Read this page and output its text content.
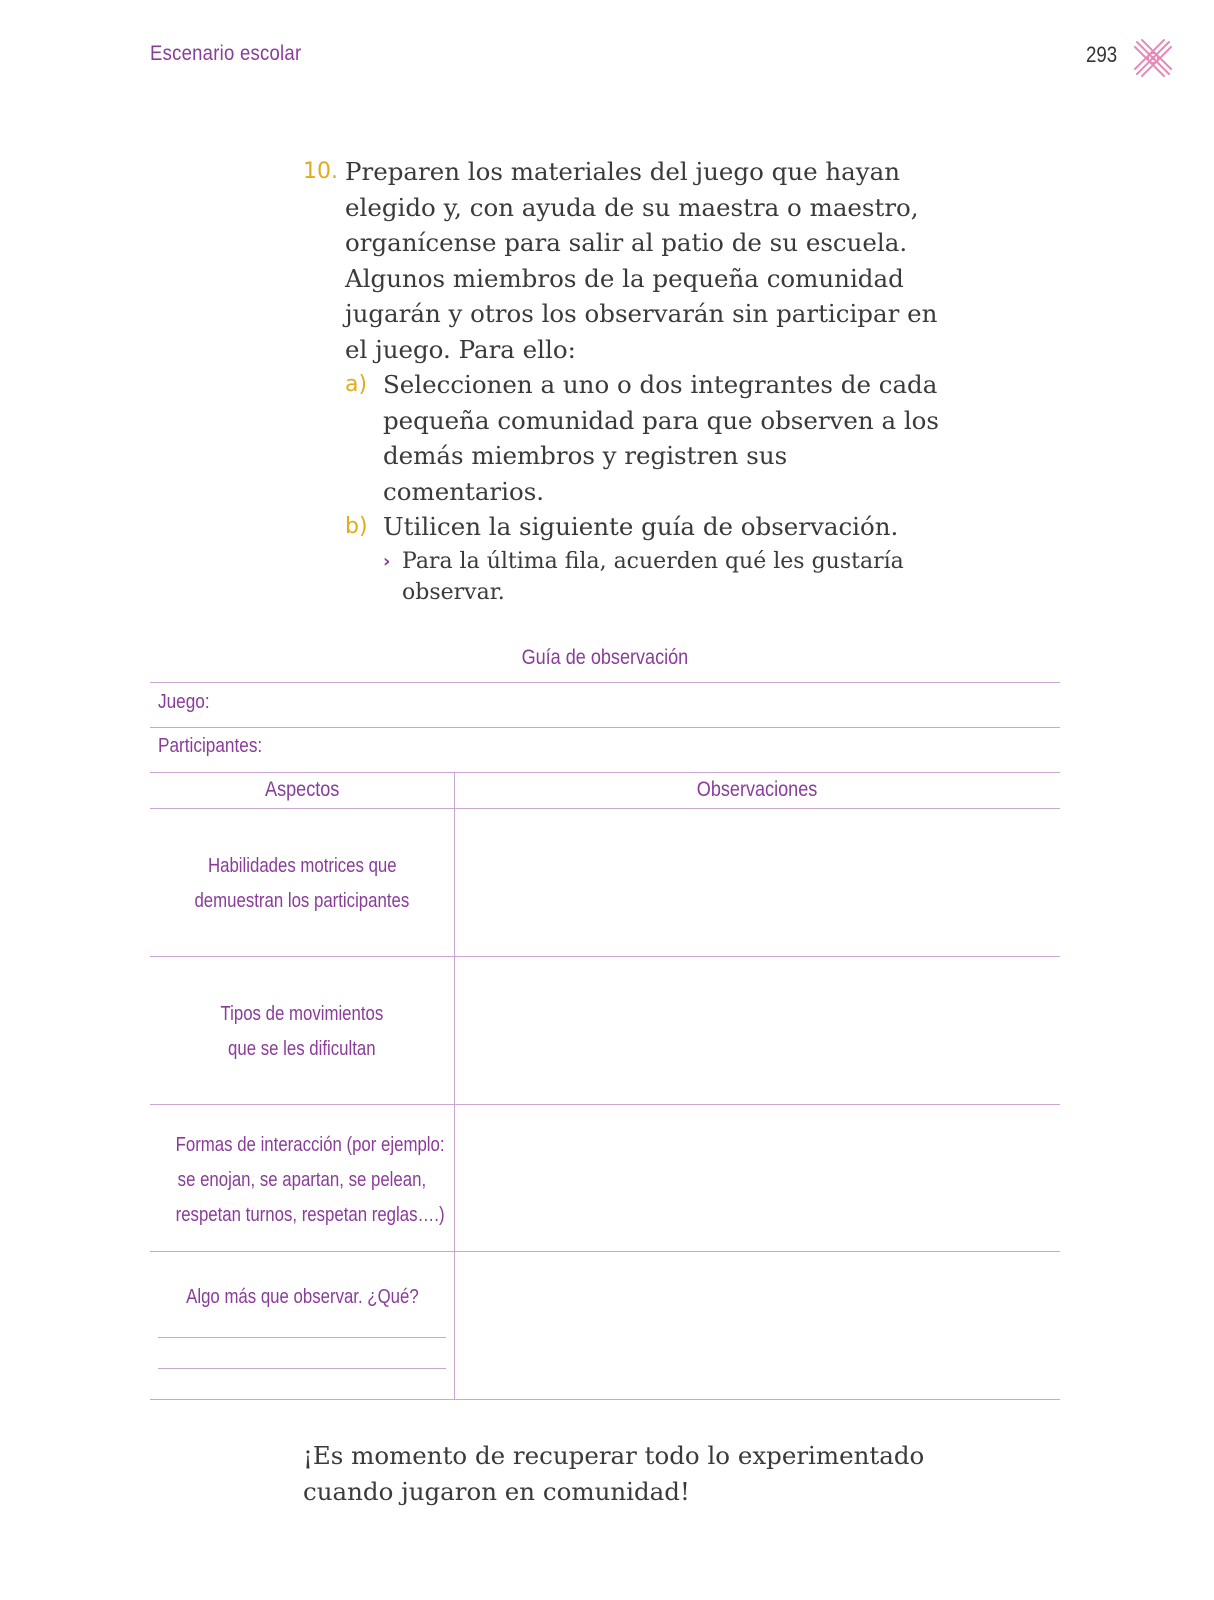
Escenario escolar	293
10. Preparen los materiales del juego que hayan elegido y, con ayuda de su maestra o maestro, organícense para salir al patio de su escuela. Algunos miembros de la pequeña comunidad jugarán y otros los observarán sin participar en el juego. Para ello:
a) Seleccionen a uno o dos integrantes de cada pequeña comunidad para que observen a los demás miembros y registren sus comentarios.
b) Utilicen la siguiente guía de observación.
› Para la última fila, acuerden qué les gustaría observar.
Guía de observación
Juego:
Participantes:
Aspectos	Observaciones
Habilidades motrices que
demuestran los participantes
Tipos de movimientos
que se les dificultan
Formas de interacción (por ejemplo:
se enojan, se apartan, se pelean,
respetan turnos, respetan reglas….)
Algo más que observar. ¿Qué?
¡Es momento de recuperar todo lo experimentado
cuando jugaron en comunidad!
